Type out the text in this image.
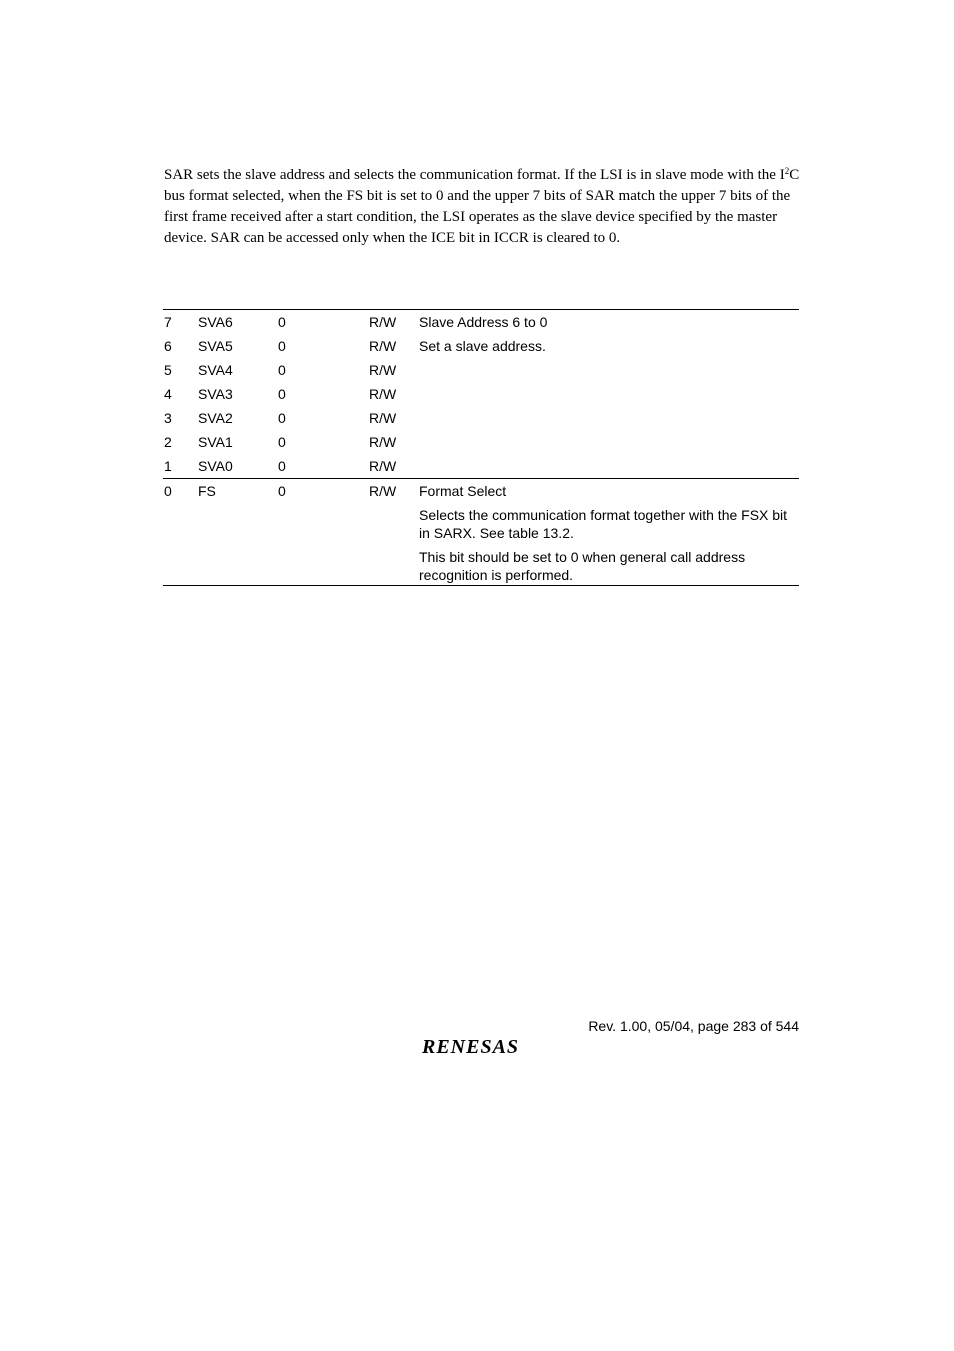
SAR sets the slave address and selects the communication format. If the LSI is in slave mode with the $I^2C$ bus format selected, when the FS bit is set to 0 and the upper 7 bits of SAR match the upper 7 bits of the first frame received after a start condition, the LSI operates as the slave device specified by the master device. SAR can be accessed only when the ICE bit in ICCR is cleared to 0.
7 SVA6	0	R/W Slave Address 6 to 0
6 SVA5	0	R/W Set a slave address.
5 SVA4	0	R/W
4 SVA3	0	R/W
3 SVA2	0	R/W
2 SVA1	0	R/W
1 SVA0	0	R/W
0 FS	0	R/W Format Select

Selects the communication format together with the FSX bit in SARX. See table 13.2.

This bit should be set to 0 when general call address recognition is performed.

Rev. 1.00, 05/04, page 283 of 544
RENESAS
